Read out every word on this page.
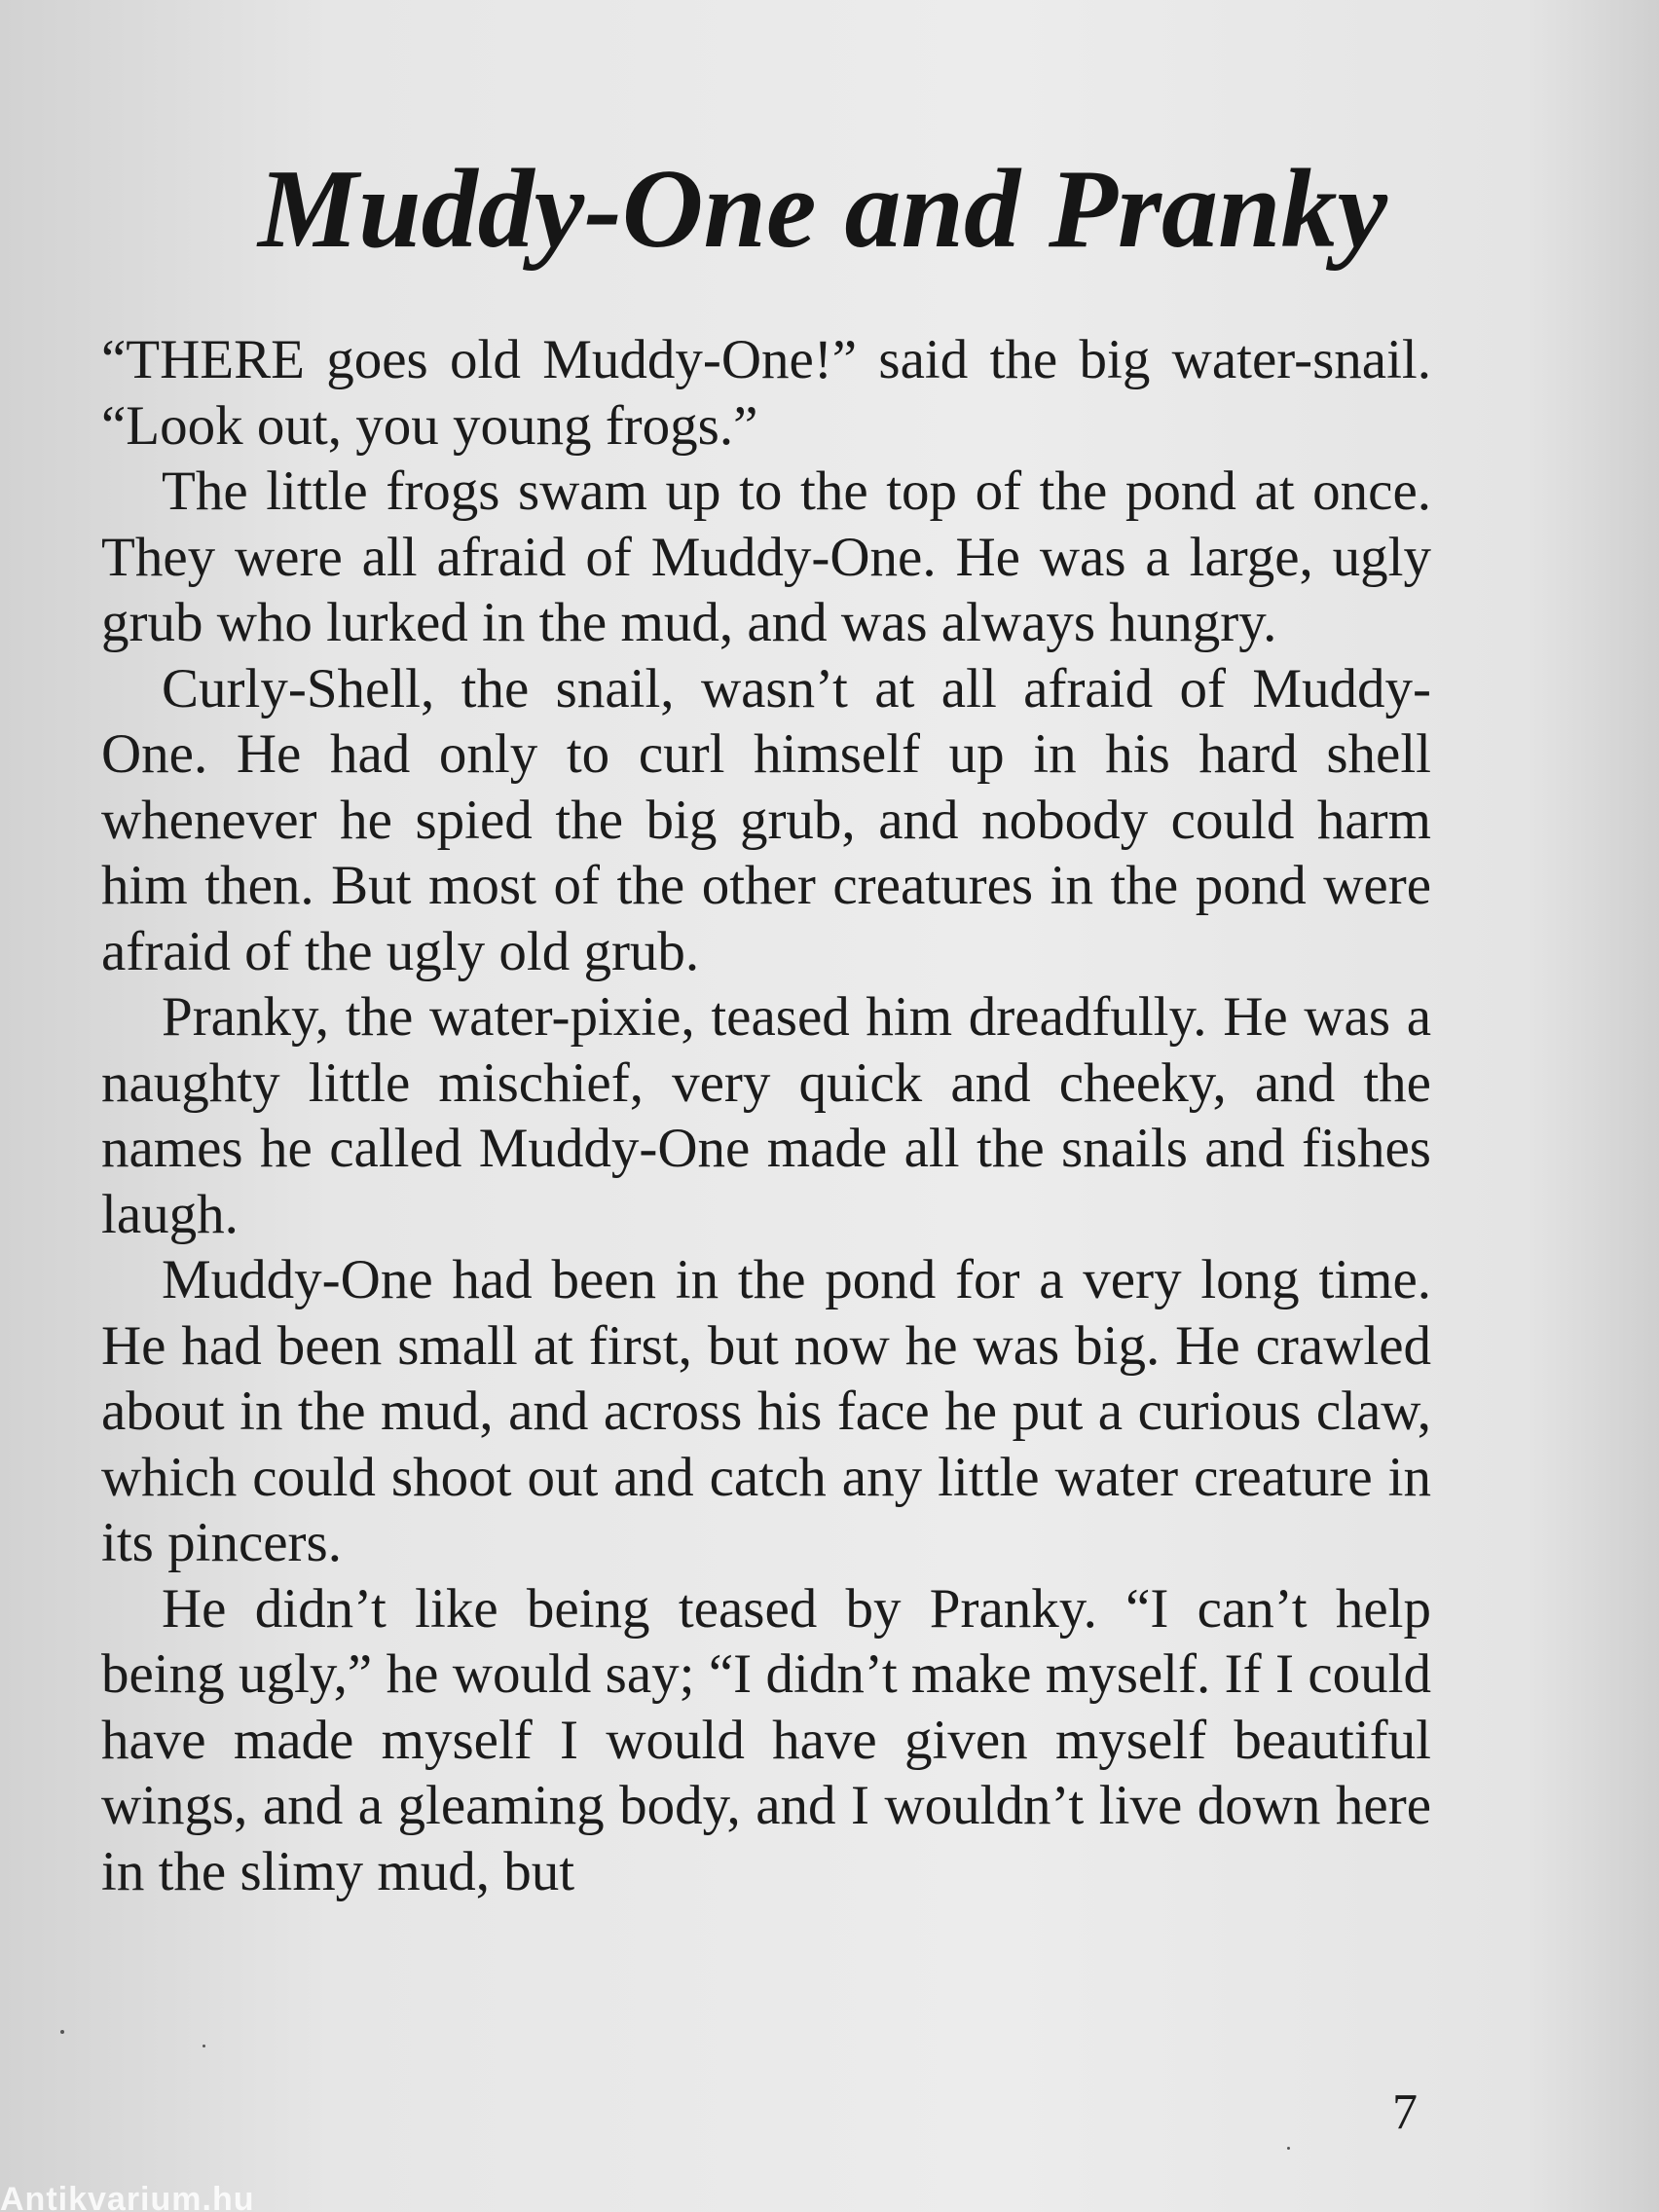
Muddy-One and Pranky

“THERE goes old Muddy-One!” said the big water-snail. “Look out, you young frogs.”

The little frogs swam up to the top of the pond at once. They were all afraid of Muddy-One. He was a large, ugly grub who lurked in the mud, and was always hungry.

Curly-Shell, the snail, wasn’t at all afraid of Muddy-One. He had only to curl himself up in his hard shell whenever he spied the big grub, and nobody could harm him then. But most of the other creatures in the pond were afraid of the ugly old grub.

Pranky, the water-pixie, teased him dreadfully. He was a naughty little mischief, very quick and cheeky, and the names he called Muddy-One made all the snails and fishes laugh.

Muddy-One had been in the pond for a very long time. He had been small at first, but now he was big. He crawled about in the mud, and across his face he put a curious claw, which could shoot out and catch any little water creature in its pincers.

He didn’t like being teased by Pranky. “I can’t help being ugly,” he would say; “I didn’t make myself. If I could have made myself I would have given myself beautiful wings, and a gleaming body, and I wouldn’t live down here in the slimy mud, but

7
Antikvarium.hu
